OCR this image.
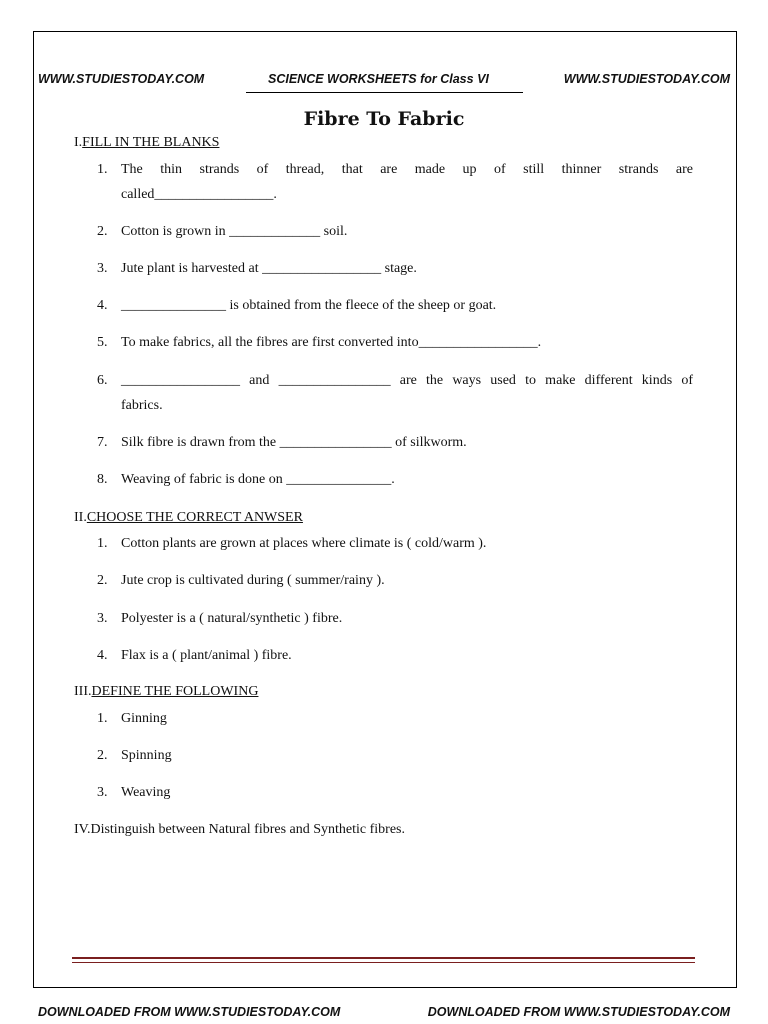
WWW.STUDIESTODAY.COM	SCIENCE WORKSHEETS for Class VI	WWW.STUDIESTODAY.COM
Fibre To Fabric
I.FILL IN THE BLANKS
1. The thin strands of thread, that are made up of still thinner strands are
called_________________.
2. Cotton is grown in _____________ soil.
3. Jute plant is harvested at _________________ stage.
4. _______________ is obtained from the fleece of the sheep or goat.
5. To make fabrics, all the fibres are first converted into_________________.
6. _________________ and ________________ are the ways used to make different kinds of
fabrics.
7. Silk fibre is drawn from the ________________ of silkworm.
8. Weaving of fabric is done on _______________.
II.CHOOSE THE CORRECT ANWSER
1. Cotton plants are grown at places where climate is ( cold/warm ).
2. Jute crop is cultivated during ( summer/rainy ).
3. Polyester is a ( natural/synthetic ) fibre.
4. Flax is a ( plant/animal ) fibre.
III.DEFINE THE FOLLOWING
1. Ginning
2. Spinning
3. Weaving
IV.Distinguish between Natural fibres and Synthetic fibres.
DOWNLOADED FROM WWW.STUDIESTODAY.COM	DOWNLOADED FROM WWW.STUDIESTODAY.COM
